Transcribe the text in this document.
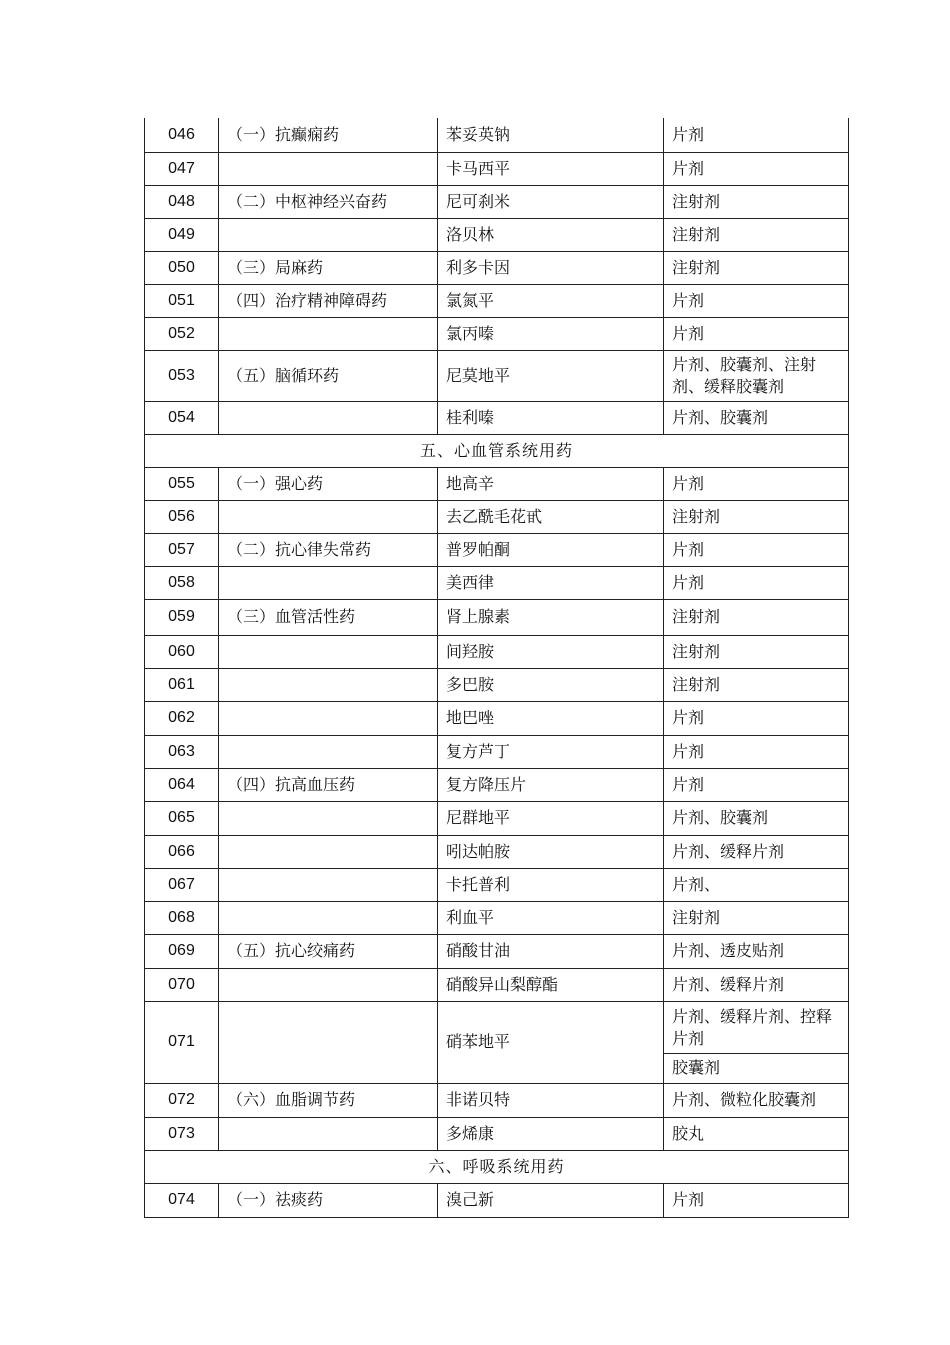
046	（一）抗癫痫药	苯妥英钠	片剂
047		卡马西平	片剂
048	（二）中枢神经兴奋药	尼可刹米	注射剂
049		洛贝林	注射剂
050	（三）局麻药	利多卡因	注射剂
051	（四）治疗精神障碍药	氯氮平	片剂
052		氯丙嗪	片剂
053	（五）脑循环药	尼莫地平	片剂、胶囊剂、注射剂、缓释胶囊剂
054		桂利嗪	片剂、胶囊剂
五、心血管系统用药			
055	（一）强心药	地高辛	片剂
056		去乙酰毛花甙	注射剂
057	（二）抗心律失常药	普罗帕酮	片剂
058		美西律	片剂
059	（三）血管活性药	肾上腺素	注射剂
060		间羟胺	注射剂
061		多巴胺	注射剂
062		地巴唑	片剂
063		复方芦丁	片剂
064	（四）抗高血压药	复方降压片	片剂
065		尼群地平	片剂、胶囊剂
066		吲达帕胺	片剂、缓释片剂
067		卡托普利	片剂、
068		利血平	注射剂
069	（五）抗心绞痛药	硝酸甘油	片剂、透皮贴剂
070		硝酸异山梨醇酯	片剂、缓释片剂
071		硝苯地平	片剂、缓释片剂、控释片剂
胶囊剂

072	（六）血脂调节药	非诺贝特	片剂、微粒化胶囊剂
073		多烯康	胶丸
六、呼吸系统用药			
074	（一）祛痰药	溴己新	片剂
